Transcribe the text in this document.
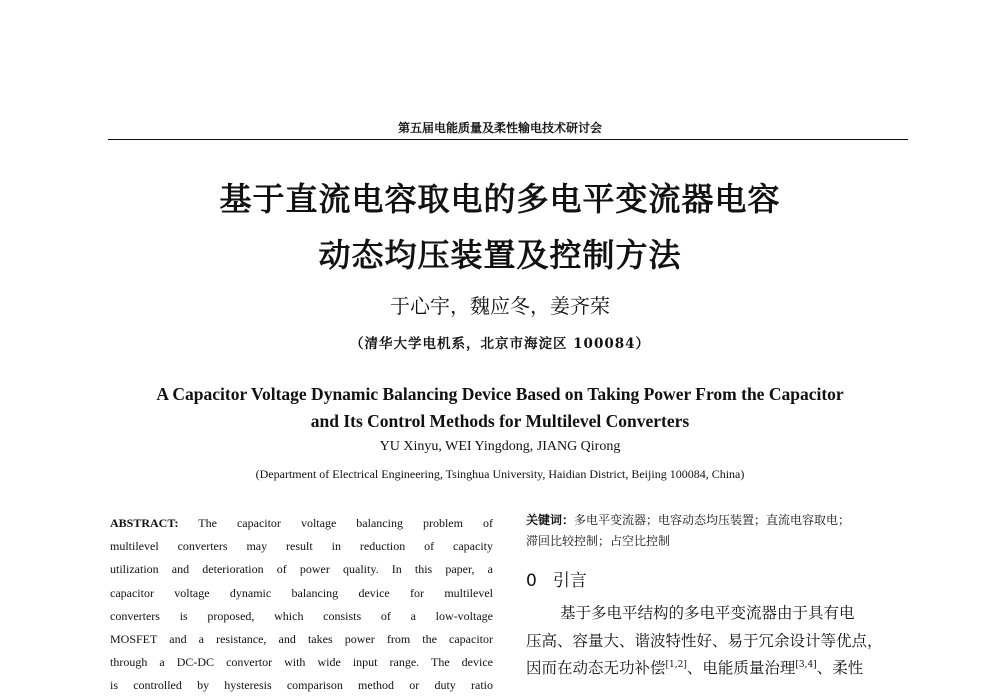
第五届电能质量及柔性输电技术研讨会
基于直流电容取电的多电平变流器电容
动态均压装置及控制方法
于心宇，魏应冬，姜齐荣
（清华大学电机系，北京市海淀区 100084）
A Capacitor Voltage Dynamic Balancing Device Based on Taking Power From the Capacitor
and Its Control Methods for Multilevel Converters
YU Xinyu, WEI Yingdong, JIANG Qirong
(Department of Electrical Engineering, Tsinghua University, Haidian District, Beijing 100084, China)
ABSTRACT: The capacitor voltage balancing problem of
multilevel converters may result in reduction of capacity
utilization and deterioration of power quality. In this paper, a
capacitor voltage dynamic balancing device for multilevel
converters is proposed, which consists of a low-voltage
MOSFET and a resistance, and takes power from the capacitor
through a DC-DC convertor with wide input range. The device
is controlled by hysteresis comparison method or duty ratio
关键词：多电平变流器；电容动态均压装置；直流电容取电；
滞回比较控制；占空比控制
0 引言
基于多电平结构的多电平变流器由于具有电
压高、容量大、谐波特性好、易于冗余设计等优点，
因而在动态无功补偿[1,2]、电能质量治理[3,4]、柔性
